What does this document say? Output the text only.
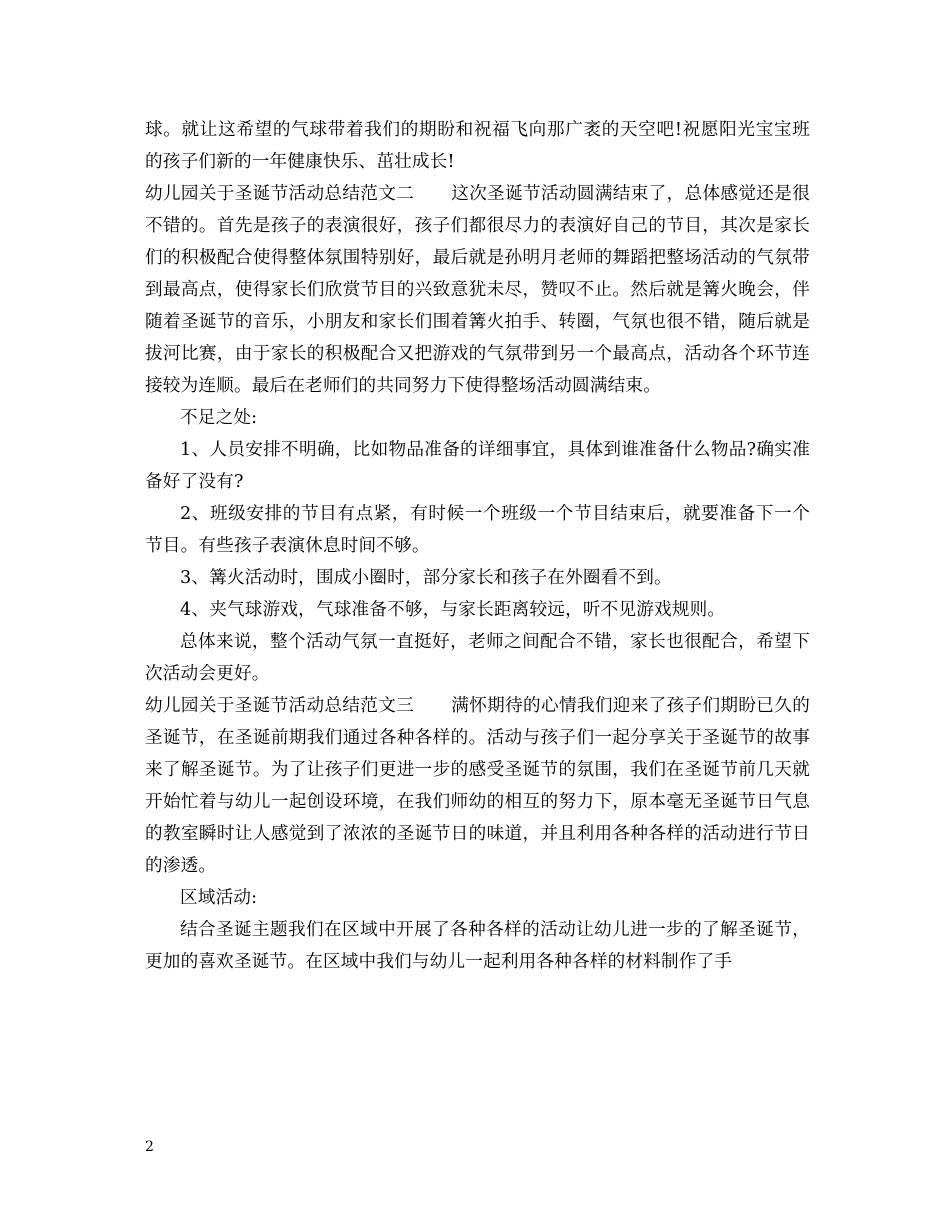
球。就让这希望的气球带着我们的期盼和祝福飞向那广袤的天空吧!祝愿阳光宝宝班的孩子们新的一年健康快乐、茁壮成长!

幼儿园关于圣诞节活动总结范文二 这次圣诞节活动圆满结束了，总体感觉还是很不错的。首先是孩子的表演很好，孩子们都很尽力的表演好自己的节目，其次是家长们的积极配合使得整体氛围特别好，最后就是孙明月老师的舞蹈把整场活动的气氛带到最高点，使得家长们欣赏节目的兴致意犹未尽，赞叹不止。然后就是篝火晚会，伴随着圣诞节的音乐，小朋友和家长们围着篝火拍手、转圈，气氛也很不错，随后就是拔河比赛，由于家长的积极配合又把游戏的气氛带到另一个最高点，活动各个环节连接较为连顺。最后在老师们的共同努力下使得整场活动圆满结束。

不足之处:

1、人员安排不明确，比如物品准备的详细事宜，具体到谁准备什么物品?确实准备好了没有?

2、班级安排的节目有点紧，有时候一个班级一个节目结束后，就要准备下一个节目。有些孩子表演休息时间不够。

3、篝火活动时，围成小圈时，部分家长和孩子在外圈看不到。

4、夹气球游戏，气球准备不够，与家长距离较远，听不见游戏规则。

总体来说，整个活动气氛一直挺好，老师之间配合不错，家长也很配合，希望下次活动会更好。

幼儿园关于圣诞节活动总结范文三 满怀期待的心情我们迎来了孩子们期盼已久的圣诞节，在圣诞前期我们通过各种各样的。活动与孩子们一起分享关于圣诞节的故事来了解圣诞节。为了让孩子们更进一步的感受圣诞节的氛围，我们在圣诞节前几天就开始忙着与幼儿一起创设环境，在我们师幼的相互的努力下，原本毫无圣诞节日气息的教室瞬时让人感觉到了浓浓的圣诞节日的味道，并且利用各种各样的活动进行节日的渗透。

区域活动:

结合圣诞主题我们在区域中开展了各种各样的活动让幼儿进一步的了解圣诞节，更加的喜欢圣诞节。在区域中我们与幼儿一起利用各种各样的材料制作了手

2
